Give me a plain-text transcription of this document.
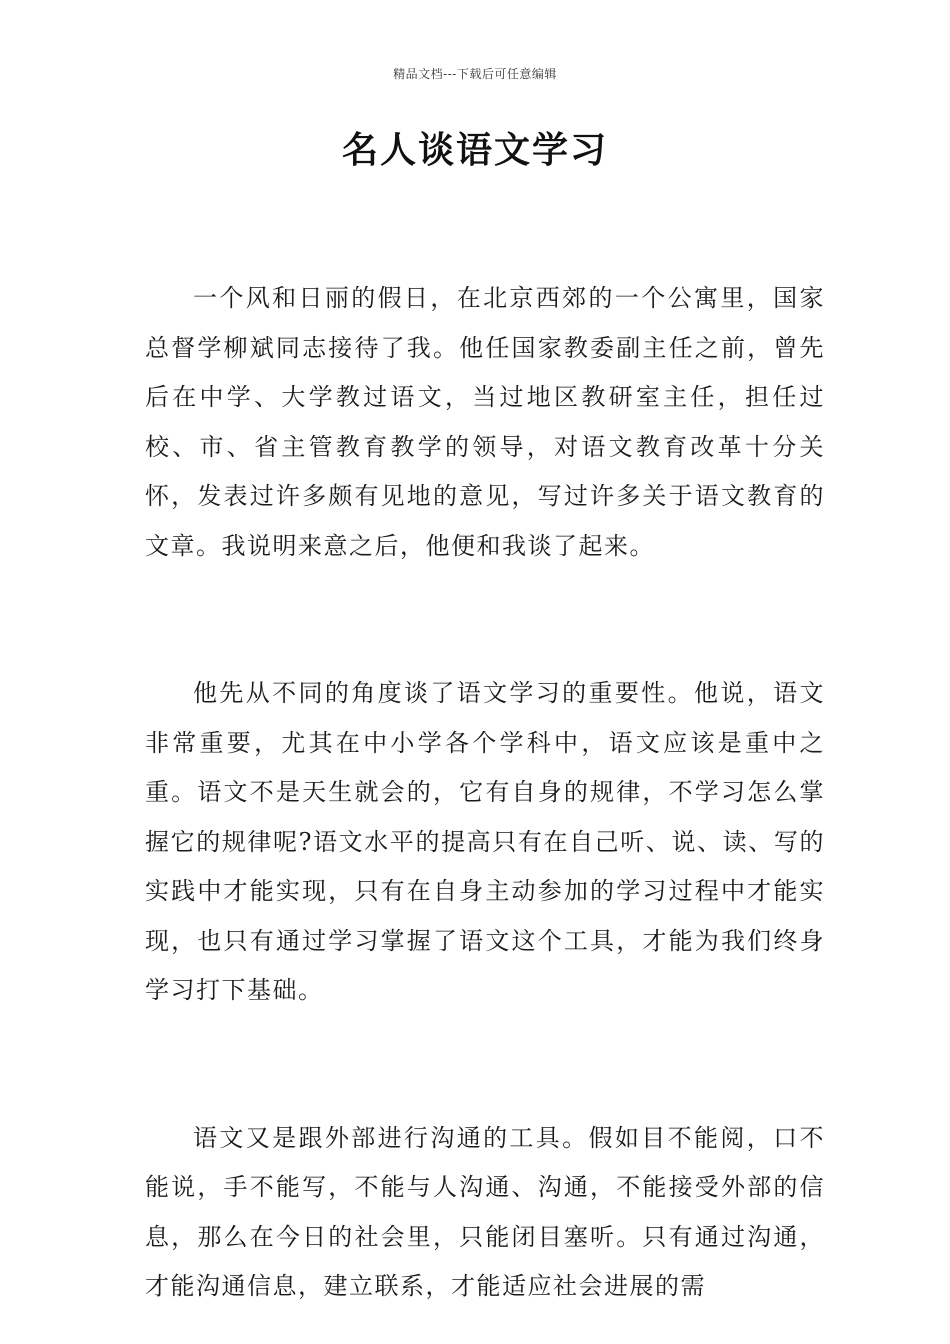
精品文档---下载后可任意编辑
名人谈语文学习

一个风和日丽的假日，在北京西郊的一个公寓里，国家总督学柳斌同志接待了我。他任国家教委副主任之前，曾先后在中学、大学教过语文，当过地区教研室主任，担任过校、市、省主管教育教学的领导，对语文教育改革十分关怀，发表过许多颇有见地的意见，写过许多关于语文教育的文章。我说明来意之后，他便和我谈了起来。

他先从不同的角度谈了语文学习的重要性。他说，语文非常重要，尤其在中小学各个学科中，语文应该是重中之重。语文不是天生就会的，它有自身的规律，不学习怎么掌握它的规律呢?语文水平的提高只有在自己听、说、读、写的实践中才能实现，只有在自身主动参加的学习过程中才能实现，也只有通过学习掌握了语文这个工具，才能为我们终身学习打下基础。

语文又是跟外部进行沟通的工具。假如目不能阅，口不能说，手不能写，不能与人沟通、沟通，不能接受外部的信息，那么在今日的社会里，只能闭目塞听。只有通过沟通，才能沟通信息，建立联系，才能适应社会进展的需
